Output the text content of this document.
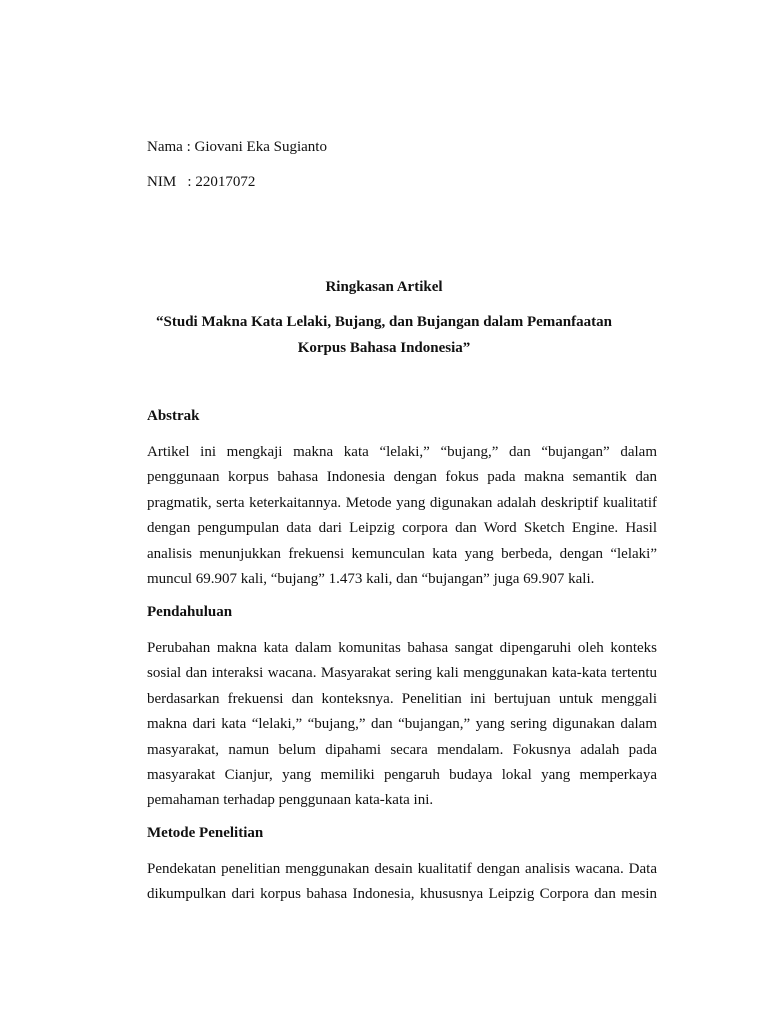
Nama : Giovani Eka Sugianto
NIM   : 22017072
Ringkasan Artikel
“Studi Makna Kata Lelaki, Bujang, dan Bujangan dalam Pemanfaatan
Korpus Bahasa Indonesia”
Abstrak
Artikel ini mengkaji makna kata “lelaki,” “bujang,” dan “bujangan” dalam
penggunaan korpus bahasa Indonesia dengan fokus pada makna semantik dan
pragmatik, serta keterkaitannya. Metode yang digunakan adalah deskriptif kualitatif
dengan pengumpulan data dari Leipzig corpora dan Word Sketch Engine. Hasil
analisis menunjukkan frekuensi kemunculan kata yang berbeda, dengan “lelaki”
muncul 69.907 kali, “bujang” 1.473 kali, dan “bujangan” juga 69.907 kali.
Pendahuluan
Perubahan makna kata dalam komunitas bahasa sangat dipengaruhi oleh konteks
sosial dan interaksi wacana. Masyarakat sering kali menggunakan kata-kata tertentu
berdasarkan frekuensi dan konteksnya. Penelitian ini bertujuan untuk menggali
makna dari kata “lelaki,” “bujang,” dan “bujangan,” yang sering digunakan dalam
masyarakat, namun belum dipahami secara mendalam. Fokusnya adalah pada
masyarakat Cianjur, yang memiliki pengaruh budaya lokal yang memperkaya
pemahaman terhadap penggunaan kata-kata ini.
Metode Penelitian
Pendekatan penelitian menggunakan desain kualitatif dengan analisis wacana. Data
dikumpulkan dari korpus bahasa Indonesia, khususnya Leipzig Corpora dan mesin
